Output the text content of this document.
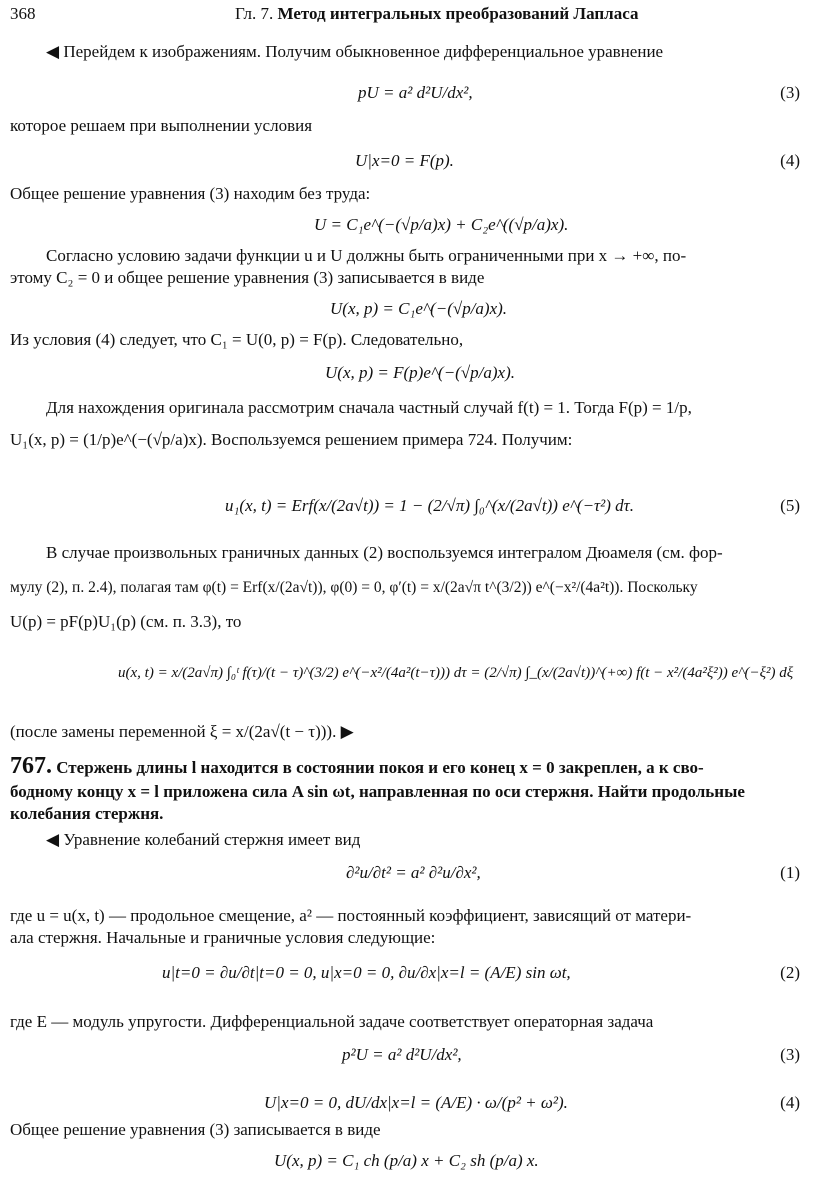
368	Гл. 7. Метод интегральных преобразований Лапласа
◀ Перейдем к изображениям. Получим обыкновенное дифференциальное уравнение
pU = a² d²U/dx²,	(3)
которое решаем при выполнении условия
U|x=0 = F(p).	(4)
Общее решение уравнения (3) находим без труда:
U = C₁e^(−(√p/a)x) + C₂e^((√p/a)x).
Согласно условию задачи функции u и U должны быть ограниченными при x → +∞, по-
этому C₂ = 0 и общее решение уравнения (3) записывается в виде
U(x, p) = C₁e^(−(√p/a)x).
Из условия (4) следует, что C₁ = U(0, p) = F(p). Следовательно,
U(x, p) = F(p)e^(−(√p/a)x).
Для нахождения оригинала рассмотрим сначала частный случай f(t) = 1. Тогда F(p) = 1/p,
U₁(x, p) = (1/p)e^(−(√p/a)x). Воспользуемся решением примера 724. Получим:
u₁(x, t) = Erf(x/(2a√t)) = 1 − (2/√π) ∫₀^(x/(2a√t)) e^(−τ²) dτ.	(5)
В случае произвольных граничных данных (2) воспользуемся интегралом Дюамеля (см. фор-
мулу (2), п. 2.4), полагая там φ(t) = Erf(x/(2a√t)), φ(0) = 0, φ′(t) = x/(2a√π t^(3/2)) e^(−x²/(4a²t)). Поскольку
U(p) = pF(p)U₁(p) (см. п. 3.3), то
u(x, t) = x/(2a√π) ∫₀ᵗ f(τ)/(t − τ)^(3/2) e^(−x²/(4a²(t−τ))) dτ = (2/√π) ∫_(x/(2a√t))^(+∞) f(t − x²/(4a²ξ²)) e^(−ξ²) dξ
(после замены переменной ξ = x/(2a√(t − τ))). ▶
767. Стержень длины l находится в состоянии покоя и его конец x = 0 закреплен, а к сво-
бодному концу x = l приложена сила A sin ωt, направленная по оси стержня. Найти продольные
колебания стержня.
◀ Уравнение колебаний стержня имеет вид
∂²u/∂t² = a² ∂²u/∂x²,	(1)
где u = u(x, t) — продольное смещение, a² — постоянный коэффициент, зависящий от матери-
ала стержня. Начальные и граничные условия следующие:
u|t=0 = ∂u/∂t|t=0 = 0, u|x=0 = 0, ∂u/∂x|x=l = (A/E) sin ωt,	(2)
где E — модуль упругости. Дифференциальной задаче соответствует операторная задача
p²U = a² d²U/dx²,	(3)
U|x=0 = 0, dU/dx|x=l = (A/E) · ω/(p² + ω²).	(4)
Общее решение уравнения (3) записывается в виде
U(x, p) = C₁ ch (p/a) x + C₂ sh (p/a) x.
